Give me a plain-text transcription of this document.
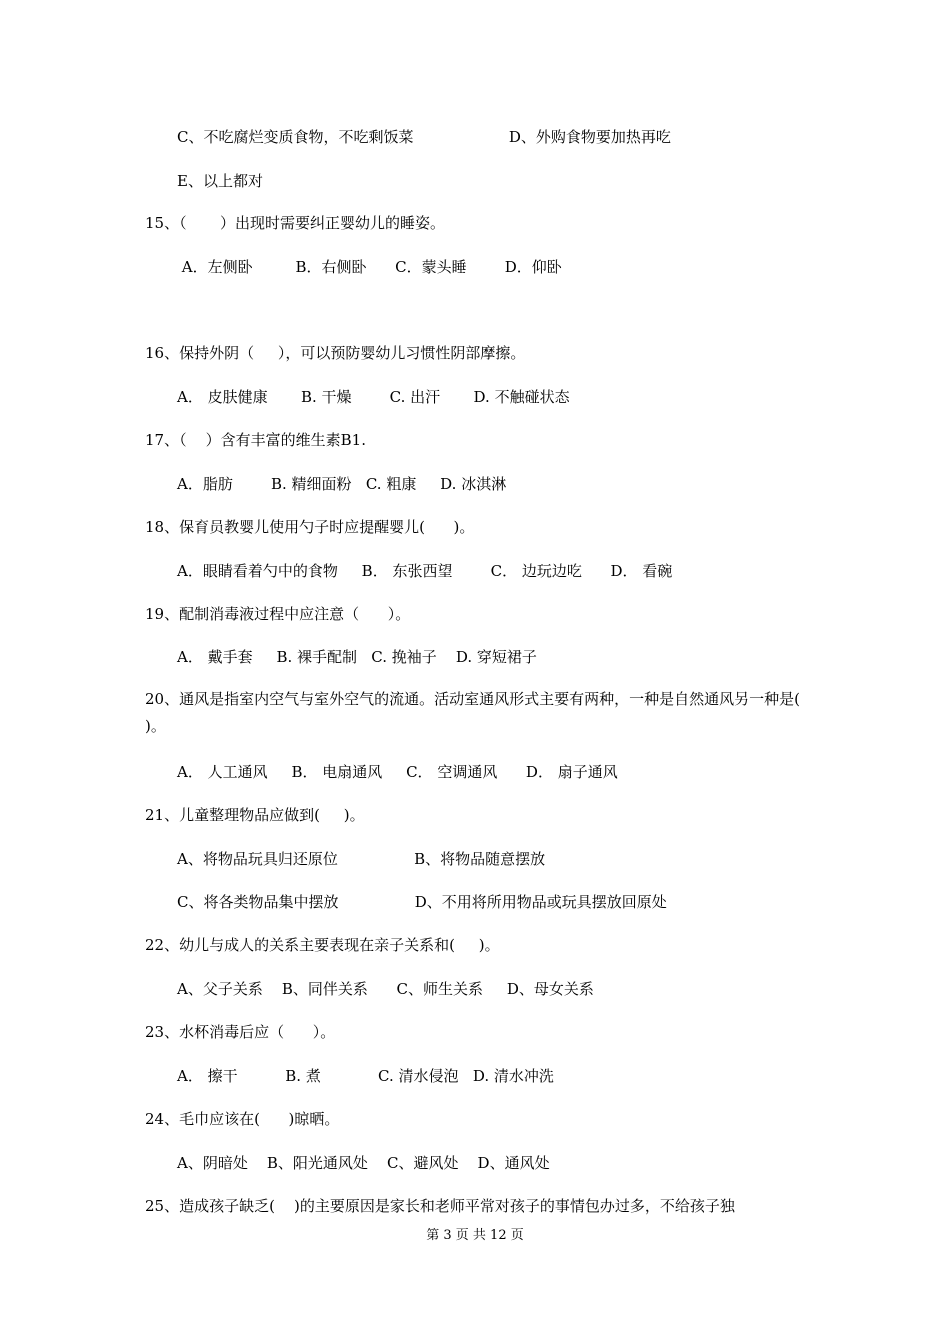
C、不吃腐烂变质食物，不吃剩饭菜                    D、外购食物要加热再吃
E、以上都对
15、（       ）出现时需要纠正婴幼儿的睡姿。
A．左侧卧         B．右侧卧      C．蒙头睡        D．仰卧
16、保持外阴（     ），可以预防婴幼儿习惯性阴部摩擦。
A． 皮肤健康       B. 干燥        C. 出汗       D. 不触碰状态
17、（    ）含有丰富的维生素B1.
A．脂肪        B. 精细面粉   C. 粗康     D. 冰淇淋
18、保育员教婴儿使用勺子时应提醒婴儿(      )。
A．眼睛看着勺中的食物     B． 东张西望        C． 边玩边吃      D． 看碗
19、配制消毒液过程中应注意（      ）。
A． 戴手套     B. 裸手配制   C. 挽袖子    D. 穿短裙子
20、通风是指室内空气与室外空气的流通。活动室通风形式主要有两种，一种是自然通风另一种是( )。
A． 人工通风     B． 电扇通风     C． 空调通风      D． 扇子通风
21、儿童整理物品应做到(     )。
A、将物品玩具归还原位                B、将物品随意摆放
C、将各类物品集中摆放                D、不用将所用物品或玩具摆放回原处
22、幼儿与成人的关系主要表现在亲子关系和(     )。
A、父子关系    B、同伴关系      C、师生关系     D、母女关系
23、水杯消毒后应（      ）。
A． 擦干          B. 煮            C. 清水侵泡   D. 清水冲洗
24、毛巾应该在(      )晾晒。
A、阴暗处    B、阳光通风处    C、避风处    D、通风处
25、造成孩子缺乏(    )的主要原因是家长和老师平常对孩子的事情包办过多，不给孩子独
第 3 页 共 12 页
